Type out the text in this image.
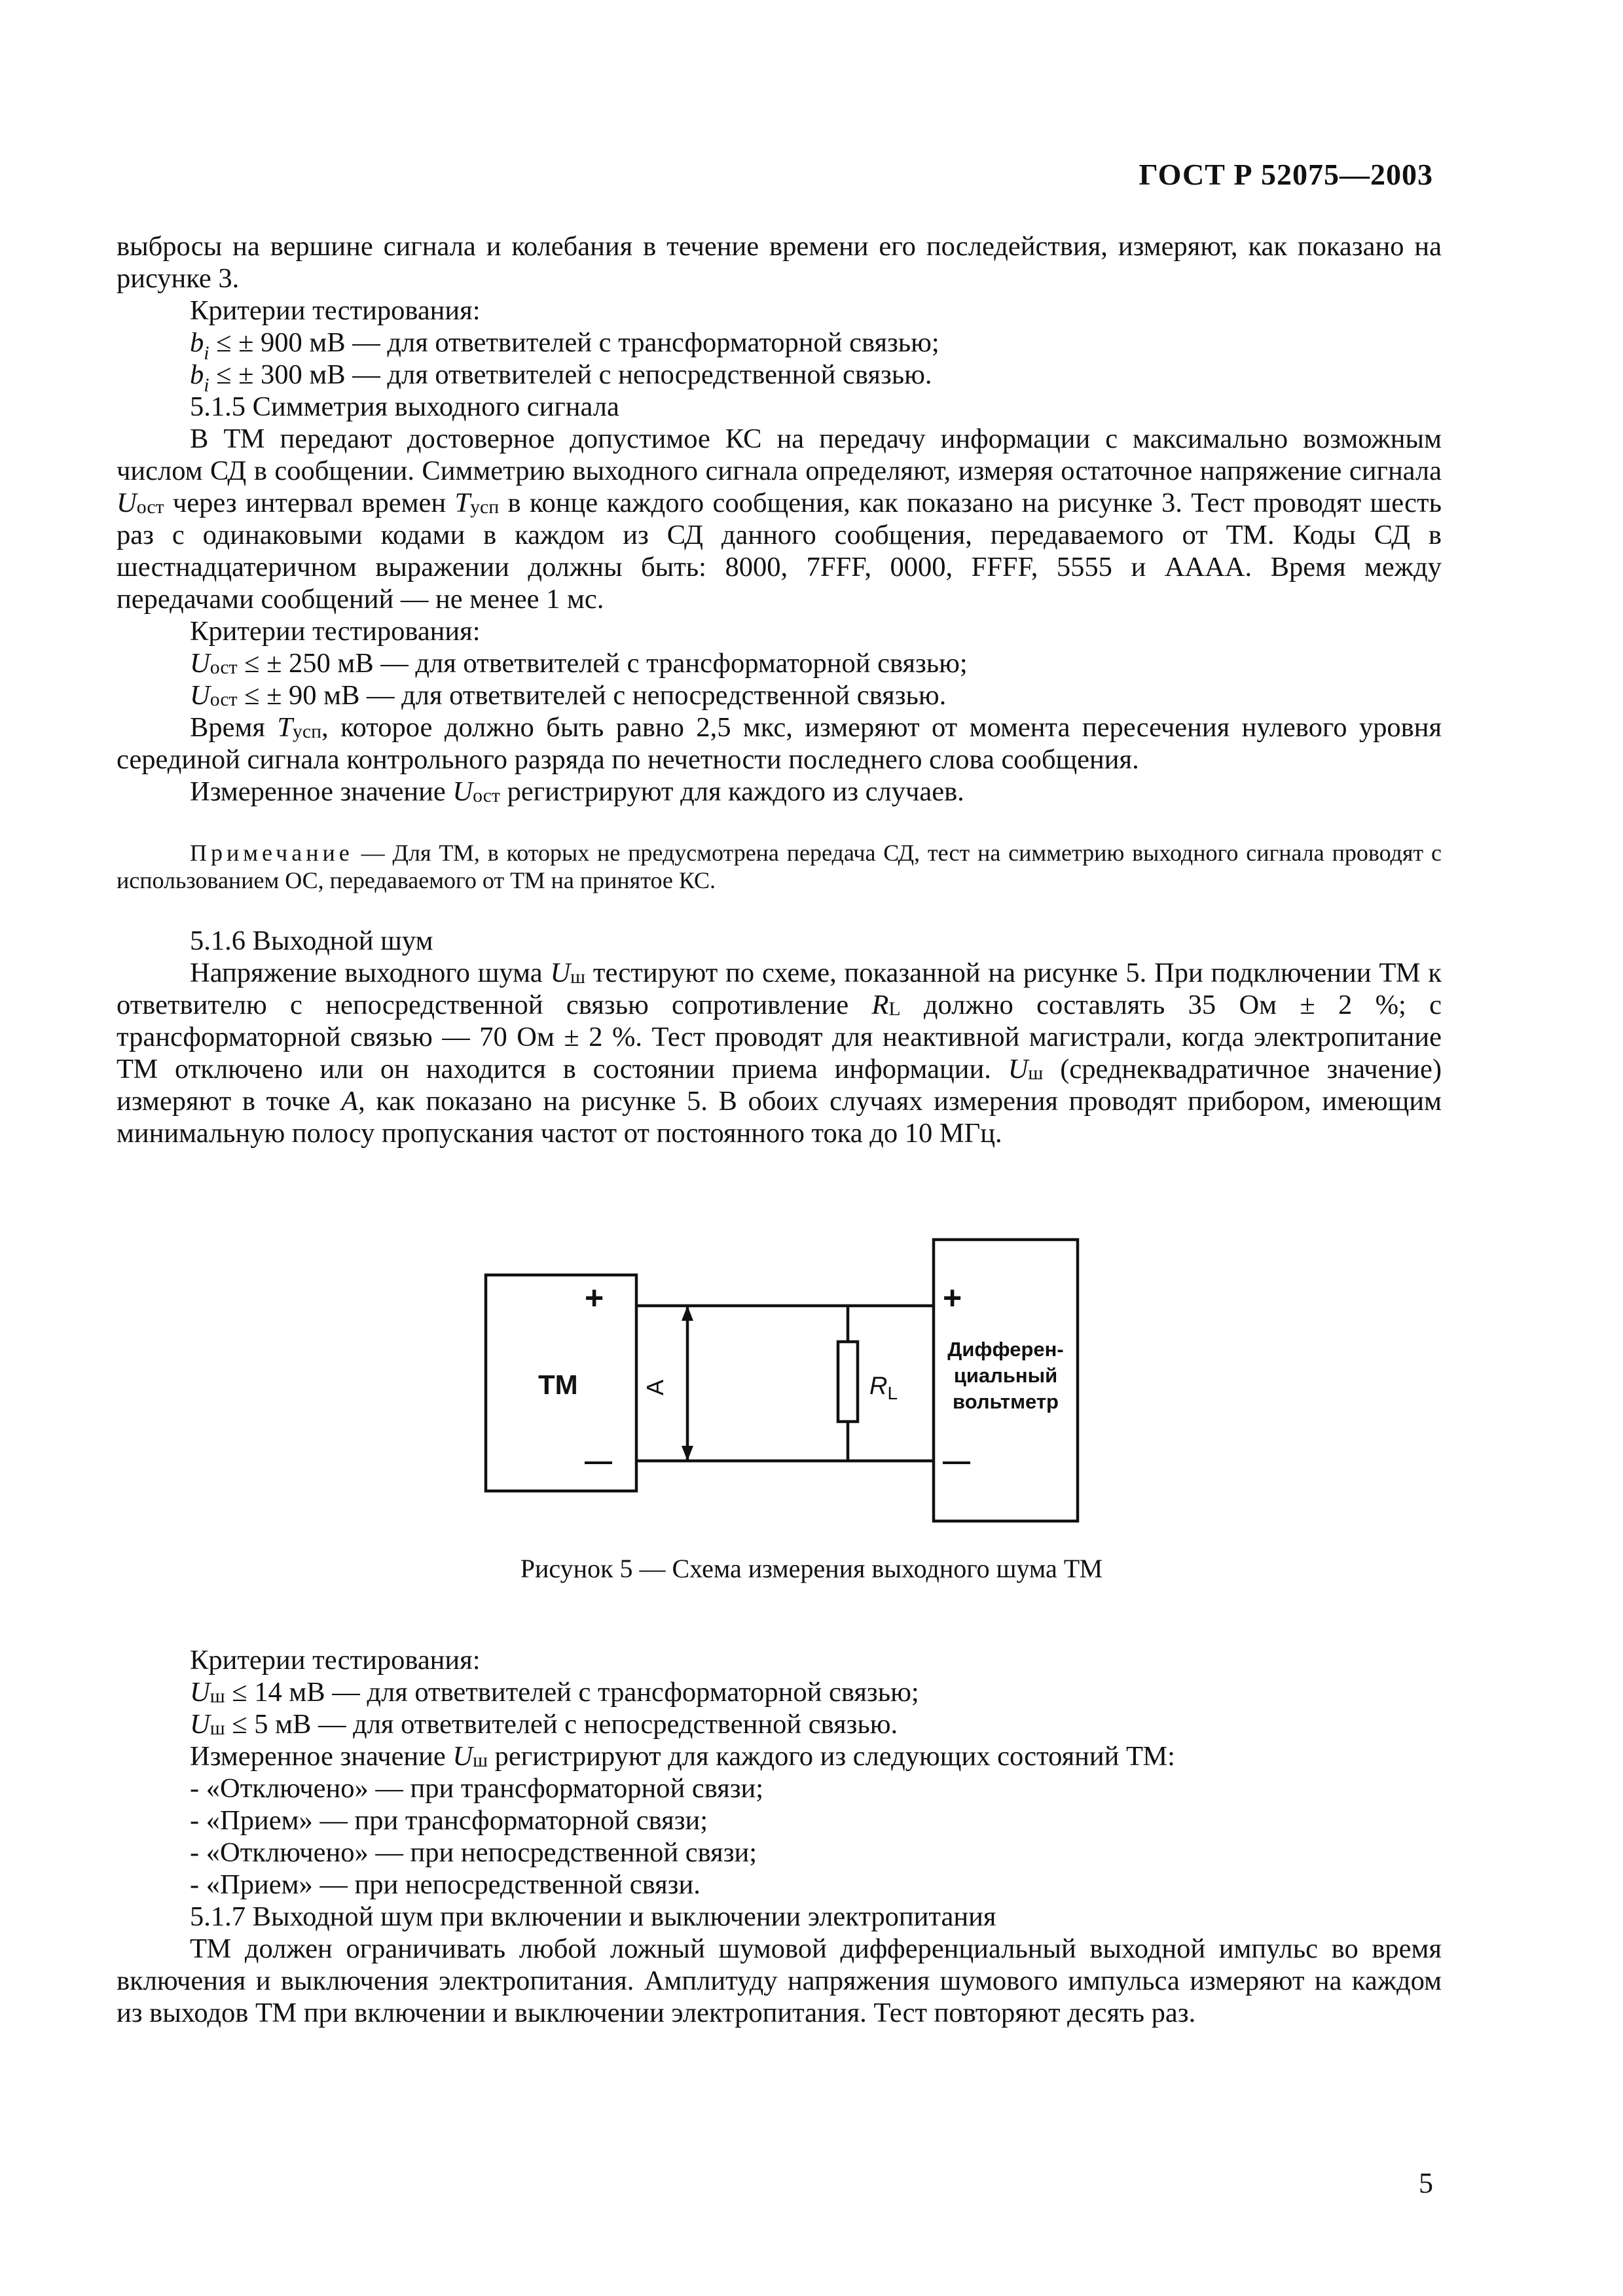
ГОСТ Р 52075—2003

выбросы на вершине сигнала и колебания в течение времени его последействия, измеряют, как показано на рисунке 3.

Критерии тестирования:

$b_i$ ≤ ± 900 мВ — для ответвителей с трансформаторной связью;

$b_i$ ≤ ± 300 мВ — для ответвителей с непосредственной связью.

5.1.5 Симметрия выходного сигнала

В ТМ передают достоверное допустимое КС на передачу информации с максимально возможным числом СД в сообщении. Симметрию выходного сигнала определяют, измеряя остаточное напряжение сигнала $U_{ост}$ через интервал времен $T_{усп}$ в конце каждого сообщения, как показано на рисунке 3. Тест проводят шесть раз с одинаковыми кодами в каждом из СД данного сообщения, передаваемого от ТМ. Коды СД в шестнадцатеричном выражении должны быть: 8000, 7FFF, 0000, FFFF, 5555 и АААА. Время между передачами сообщений — не менее 1 мс.

Критерии тестирования:

$U_{ост}$ ≤ ± 250 мВ — для ответвителей с трансформаторной связью;

$U_{ост}$ ≤ ± 90 мВ — для ответвителей с непосредственной связью.

Время $T_{усп}$, которое должно быть равно 2,5 мкс, измеряют от момента пересечения нулевого уровня серединой сигнала контрольного разряда по нечетности последнего слова сообщения.

Измеренное значение $U_{ост}$ регистрируют для каждого из случаев.

Примечание — Для ТМ, в которых не предусмотрена передача СД, тест на симметрию выходного сигнала проводят с использованием ОС, передаваемого от ТМ на принятое КС.

5.1.6 Выходной шум

Напряжение выходного шума $U_ш$ тестируют по схеме, показанной на рисунке 5. При подключении ТМ к ответвителю с непосредственной связью сопротивление $R_L$ должно составлять 35 Ом ± 2 %; с трансформаторной связью — 70 Ом ± 2 %. Тест проводят для неактивной магистрали, когда электропитание ТМ отключено или он находится в состоянии приема информации. $U_ш$ (среднеквадратичное значение) измеряют в точке A, как показано на рисунке 5. В обоих случаях измерения проводят прибором, имеющим минимальную полосу пропускания частот от постоянного тока до 10 МГц.

ТМ
+
—
+
—
A	$R_L$
Дифферен-
циальный
вольтметр
Рисунок 5 — Схема измерения выходного шума ТМ

Критерии тестирования:

$U_ш \le 14$ мВ — для ответвителей с трансформаторной связью;

$U_ш \le 5$ мВ — для ответвителей с непосредственной связью.

Измеренное значение $U_ш$ регистрируют для каждого из следующих состояний ТМ:

- «Отключено» — при трансформаторной связи;

- «Прием» — при трансформаторной связи;

- «Отключено» — при непосредственной связи;

- «Прием» — при непосредственной связи.

5.1.7 Выходной шум при включении и выключении электропитания

ТМ должен ограничивать любой ложный шумовой дифференциальный выходной импульс во время включения и выключения электропитания. Амплитуду напряжения шумового импульса измеряют на каждом из выходов ТМ при включении и выключении электропитания. Тест повторяют десять раз.

5
